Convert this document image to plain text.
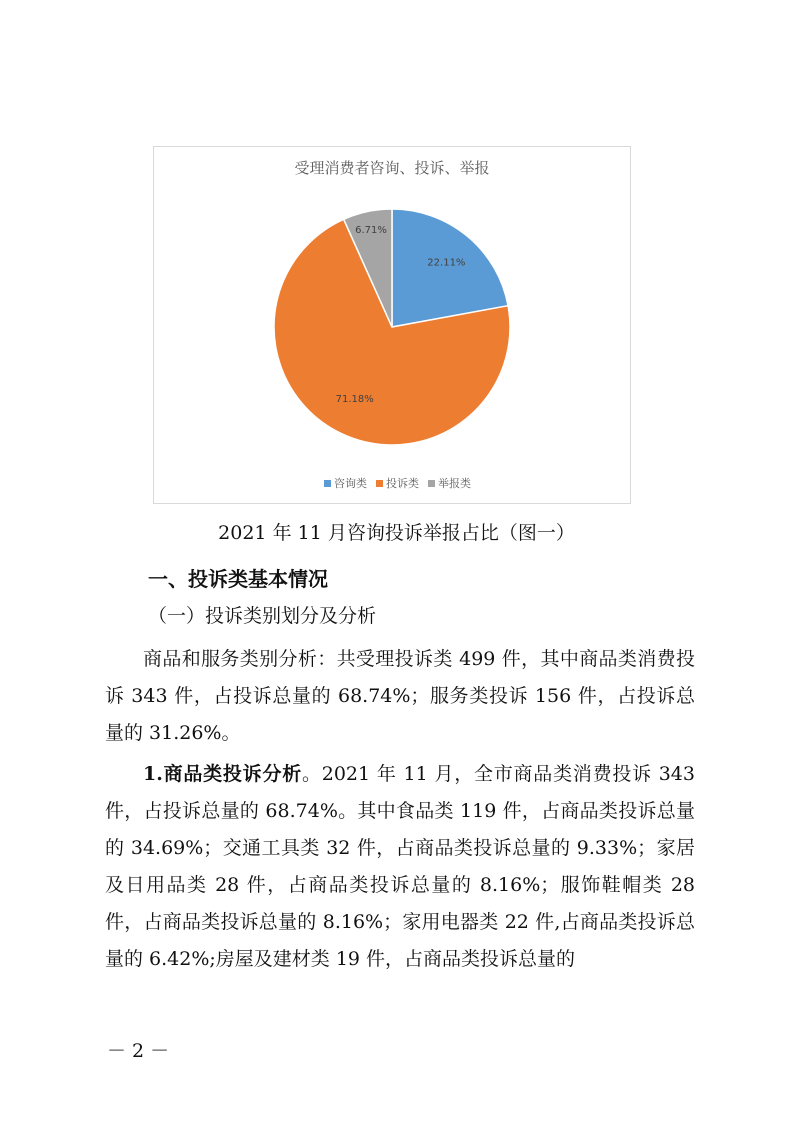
受理消费者咨询、投诉、举报
22.11%
71.18%
6.71%
咨询类 投诉类 举报类
2021 年 11 月咨询投诉举报占比（图一）
一、投诉类基本情况
（一）投诉类别划分及分析

商品和服务类别分析：共受理投诉类 499 件，其中商品类消费投诉 343 件，占投诉总量的 68.74%；服务类投诉 156 件，占投诉总量的 31.26%。

1.商品类投诉分析。2021 年 11 月，全市商品类消费投诉 343 件，占投诉总量的 68.74%。其中食品类 119 件，占商品类投诉总量的 34.69%；交通工具类 32 件，占商品类投诉总量的 9.33%；家居及日用品类 28 件，占商品类投诉总量的 8.16%；服饰鞋帽类 28 件，占商品类投诉总量的 8.16%；家用电器类 22 件,占商品类投诉总量的 6.42%;房屋及建材类 19 件，占商品类投诉总量的

－ 2 －
